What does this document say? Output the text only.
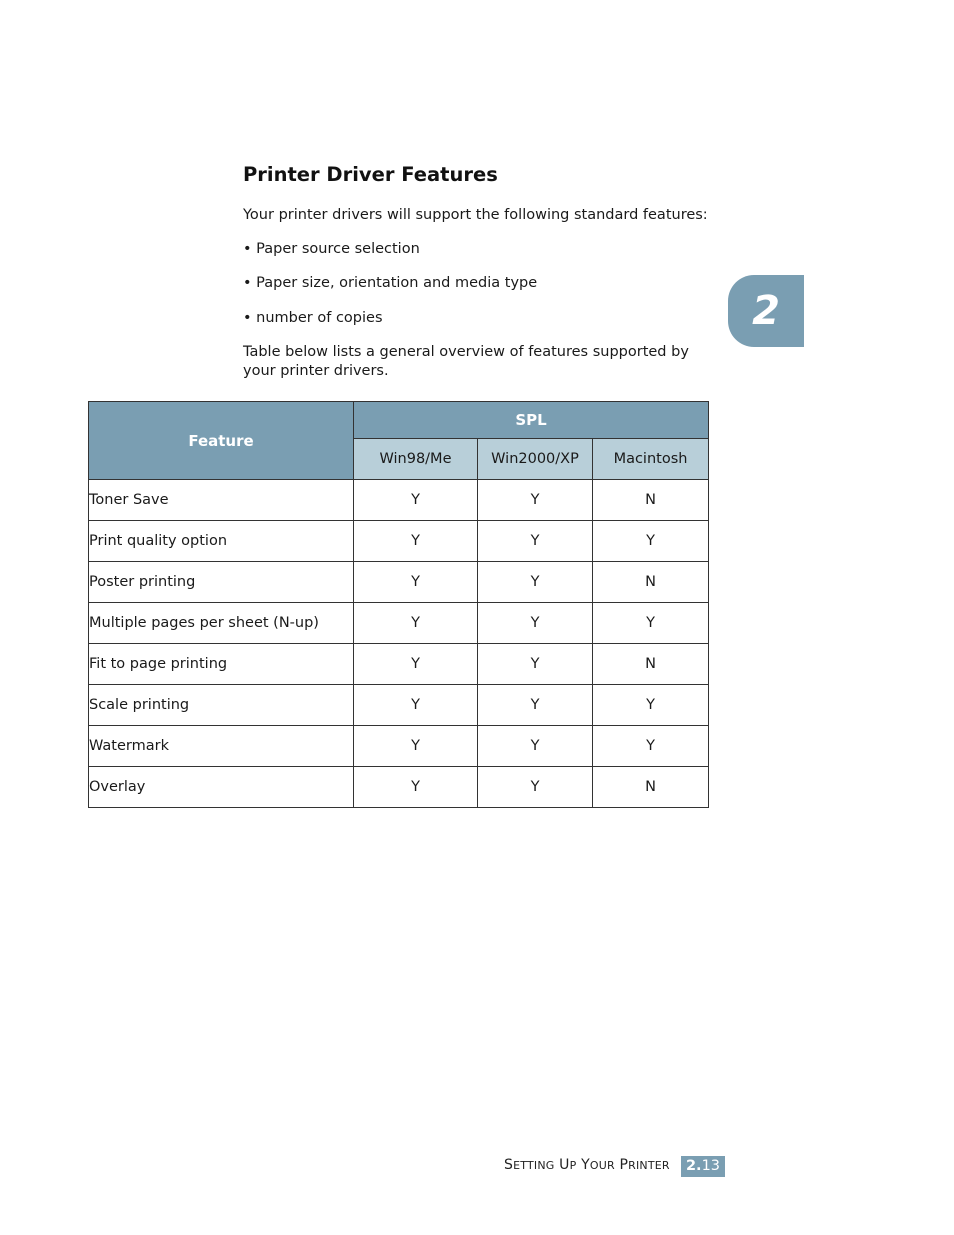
Printer Driver Features
Your printer drivers will support the following standard features:
• Paper source selection
• Paper size, orientation and media type
• number of copies
Table below lists a general overview of features supported by your printer drivers.
2
Feature	SPL		
	Win98/Me	Win2000/XP	Macintosh
Toner Save	Y	Y	N
Print quality option	Y	Y	Y
Poster printing	Y	Y	N
Multiple pages per sheet (N-up)	Y	Y	Y
Fit to page printing	Y	Y	N
Scale printing	Y	Y	Y
Watermark	Y	Y	Y
Overlay	Y	Y	N
SETTING UP YOUR PRINTER	2.13
